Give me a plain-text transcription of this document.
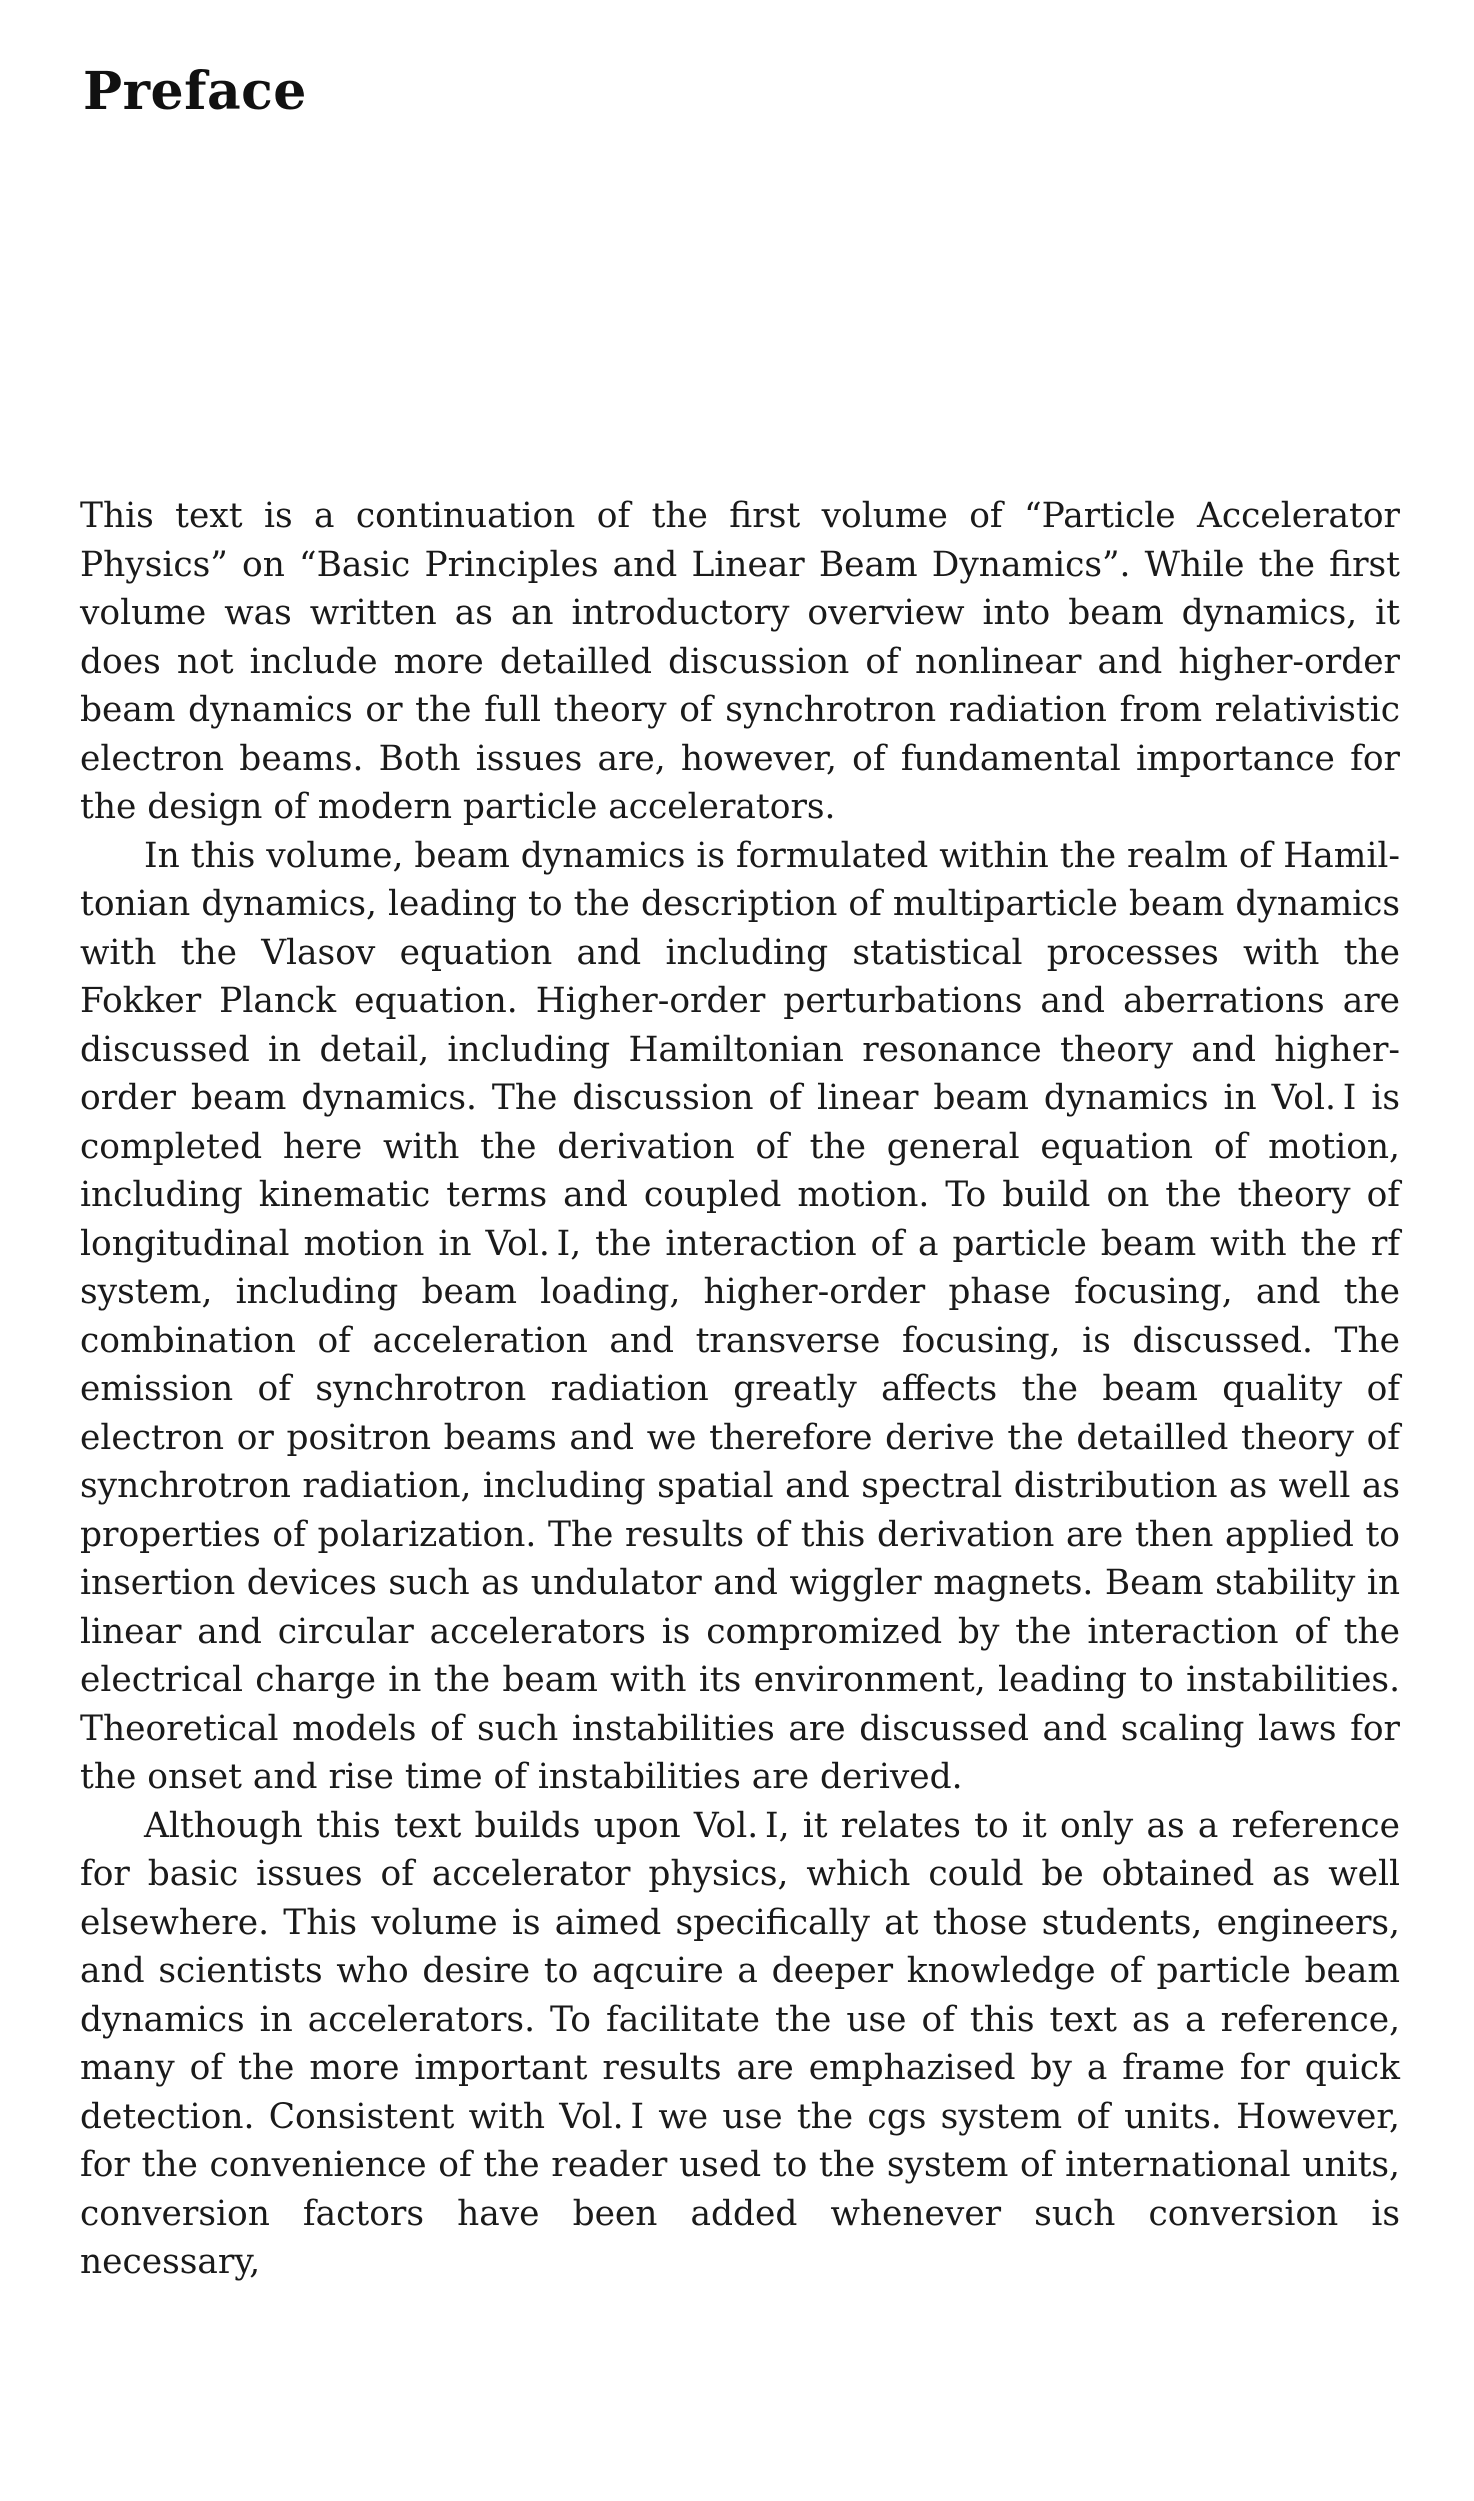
Preface

This text is a continuation of the first volume of “Particle Accelerator Physics” on “Basic Principles and Linear Beam Dynamics”. While the first volume was written as an introductory overview into beam dynamics, it does not include more detailled discussion of nonlinear and higher-order beam dynamics or the full theory of synchrotron radiation from relativistic electron beams. Both issues are, however, of fundamental importance for the design of modern particle accelerators.

In this volume, beam dynamics is formulated within the realm of Hamiltonian dynamics, leading to the description of multiparticle beam dynamics with the Vlasov equation and including statistical processes with the Fokker Planck equation. Higher-order perturbations and aberrations are discussed in detail, including Hamiltonian resonance theory and higher-order beam dynamics. The discussion of linear beam dynamics in Vol. I is completed here with the derivation of the general equation of motion, including kinematic terms and coupled motion. To build on the theory of longitudinal motion in Vol. I, the interaction of a particle beam with the rf system, including beam loading, higher-order phase focusing, and the combination of acceleration and transverse focusing, is discussed. The emission of synchrotron radiation greatly affects the beam quality of electron or positron beams and we therefore derive the detailled theory of synchrotron radiation, including spatial and spectral distribution as well as properties of polarization. The results of this derivation are then applied to insertion devices such as undulator and wiggler magnets. Beam stability in linear and circular accelerators is compromized by the interaction of the electrical charge in the beam with its environment, leading to instabilities. Theoretical models of such instabilities are discussed and scaling laws for the onset and rise time of instabilities are derived.

Although this text builds upon Vol. I, it relates to it only as a reference for basic issues of accelerator physics, which could be obtained as well elsewhere. This volume is aimed specifically at those students, engineers, and scientists who desire to aqcuire a deeper knowledge of particle beam dynamics in accelerators. To facilitate the use of this text as a reference, many of the more important results are emphazised by a frame for quick detection. Consistent with Vol. I we use the cgs system of units. However, for the convenience of the reader used to the system of international units, conversion factors have been added whenever such conversion is necessary,
